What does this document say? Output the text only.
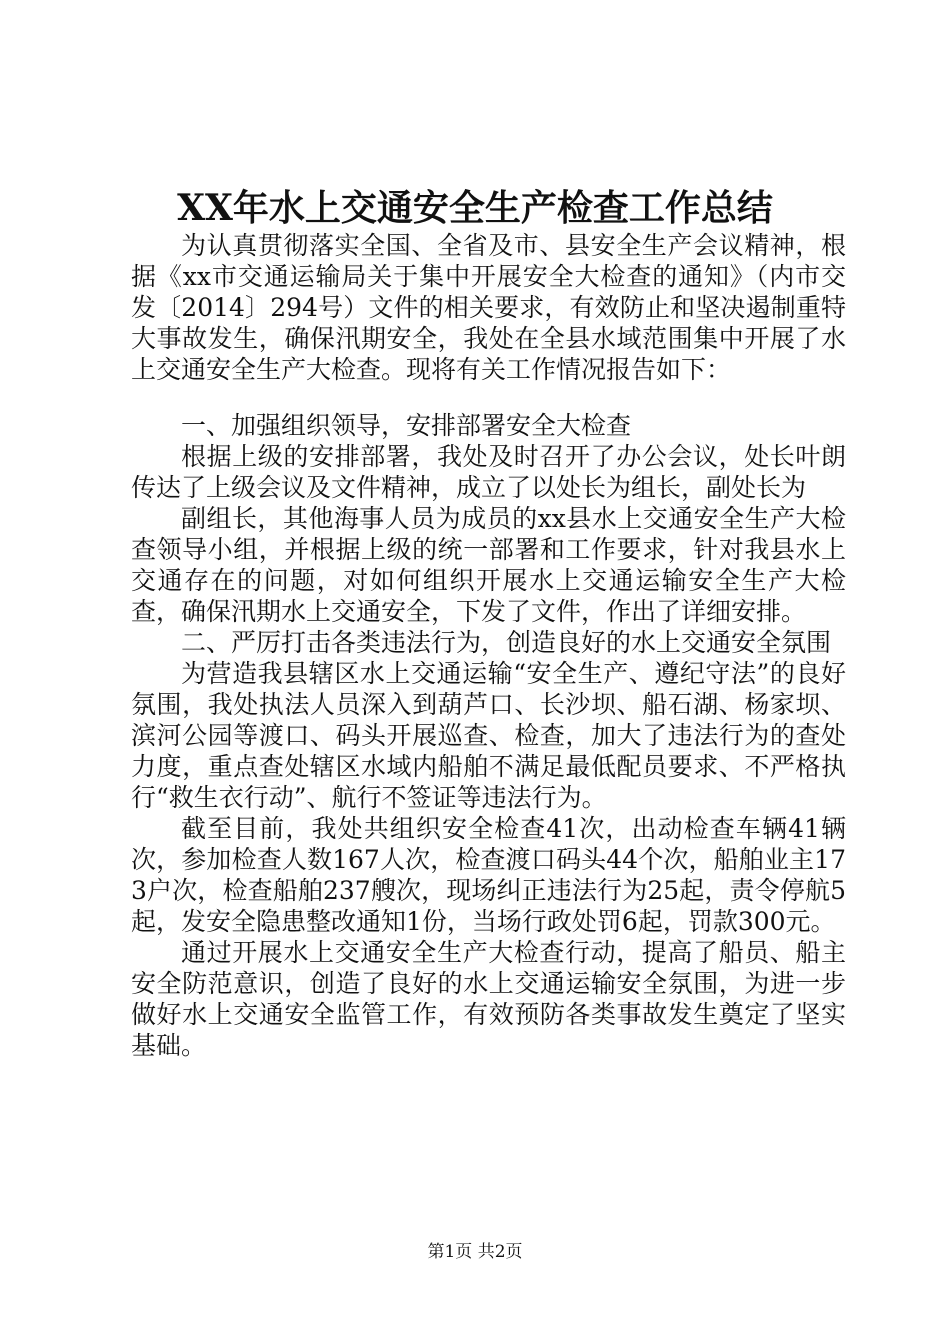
XX年水上交通安全生产检查工作总结

为认真贯彻落实全国、全省及市、县安全生产会议精神，根据《xx市交通运输局关于集中开展安全大检查的通知》（内市交发〔2014〕294号）文件的相关要求，有效防止和坚决遏制重特大事故发生，确保汛期安全，我处在全县水域范围集中开展了水上交通安全生产大检查。现将有关工作情况报告如下：

一、加强组织领导，安排部署安全大检查

根据上级的安排部署，我处及时召开了办公会议，处长叶朗传达了上级会议及文件精神，成立了以处长为组长，副处长为

副组长，其他海事人员为成员的xx县水上交通安全生产大检查领导小组，并根据上级的统一部署和工作要求，针对我县水上交通存在的问题，对如何组织开展水上交通运输安全生产大检查，确保汛期水上交通安全，下发了文件，作出了详细安排。

二、严厉打击各类违法行为，创造良好的水上交通安全氛围

为营造我县辖区水上交通运输“安全生产、遵纪守法”的良好氛围，我处执法人员深入到葫芦口、长沙坝、船石湖、杨家坝、滨河公园等渡口、码头开展巡查、检查，加大了违法行为的查处力度，重点查处辖区水域内船舶不满足最低配员要求、不严格执行“救生衣行动”、航行不签证等违法行为。

截至目前，我处共组织安全检查41次，出动检查车辆41辆次，参加检查人数167人次，检查渡口码头44个次，船舶业主173户次，检查船舶237艘次，现场纠正违法行为25起，责令停航5起，发安全隐患整改通知1份，当场行政处罚6起，罚款300元。

通过开展水上交通安全生产大检查行动，提高了船员、船主安全防范意识，创造了良好的水上交通运输安全氛围，为进一步做好水上交通安全监管工作，有效预防各类事故发生奠定了坚实基础。

第1页 共2页
